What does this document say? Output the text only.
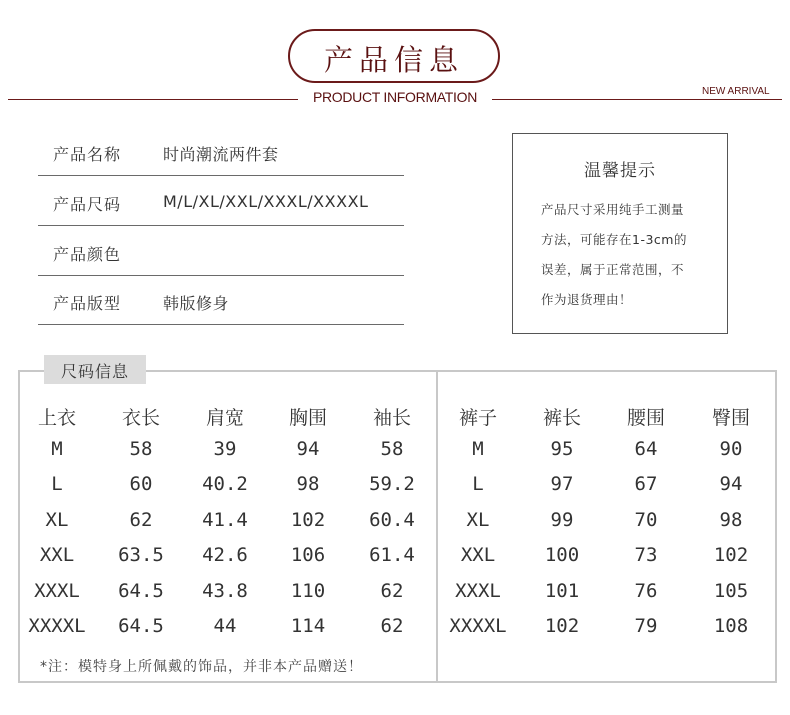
产品信息
PRODUCT INFORMATION	NEW ARRIVAL
产品名称	时尚潮流两件套
产品尺码	M/L/XL/XXL/XXXL/XXXXL
产品颜色
产品版型	韩版修身
温馨提示
产品尺寸采用纯手工测量
方法，可能存在1-3cm的
误差，属于正常范围，不
作为退货理由！
尺码信息
上衣	衣长	肩宽	胸围	袖长
M	58	39	94	58
L	60	40.2	98	59.2
XL	62	41.4	102	60.4
XXL	63.5	42.6	106	61.4
XXXL	64.5	43.8	110	62
XXXXL	64.5	44	114	62
裤子	裤长	腰围	臀围
M	95	64	90
L	97	67	94
XL	99	70	98
XXL	100	73	102
XXXL	101	76	105
XXXXL	102	79	108
*注：模特身上所佩戴的饰品，并非本产品赠送！
